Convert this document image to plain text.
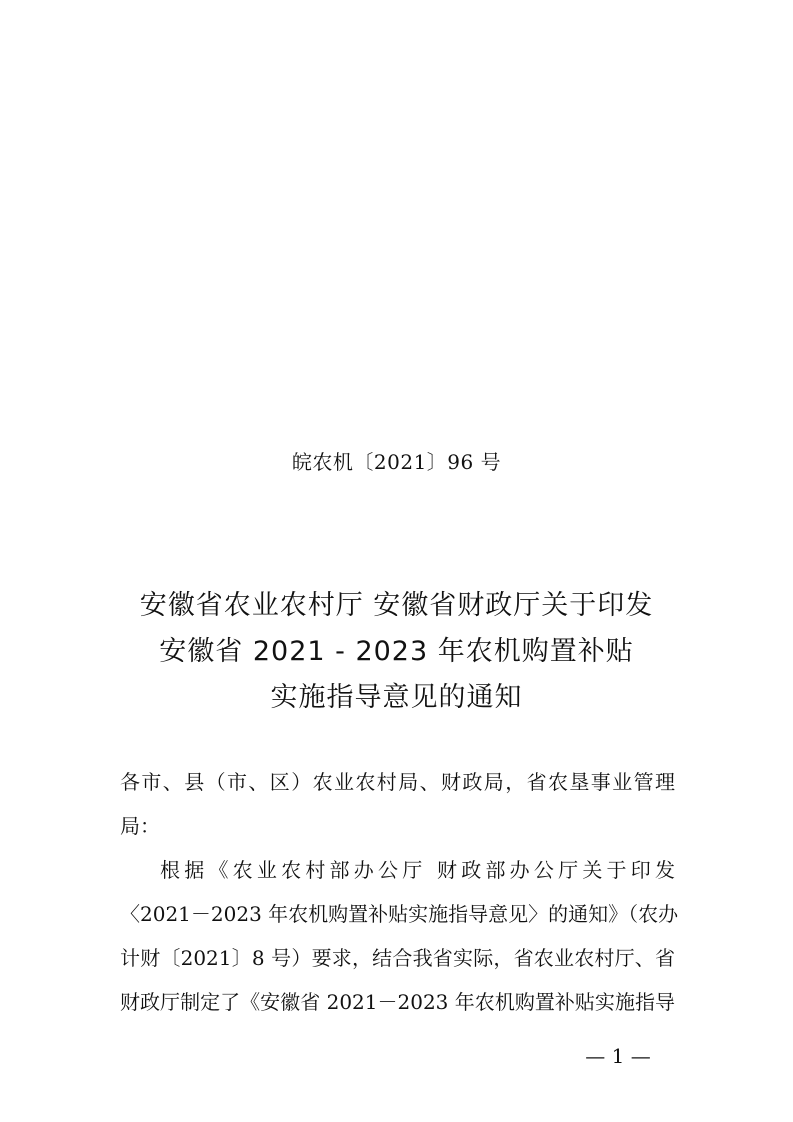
皖农机〔2021〕96 号
安徽省农业农村厅 安徽省财政厅关于印发
安徽省 2021 - 2023 年农机购置补贴
实施指导意见的通知
各市、县（市、区）农业农村局、财政局，省农垦事业管理
局：
根据《农业农村部办公厅 财政部办公厅关于印发
〈2021－2023 年农机购置补贴实施指导意见〉的通知》（农办
计财〔2021〕8 号）要求，结合我省实际，省农业农村厅、省
财政厅制定了《安徽省 2021－2023 年农机购置补贴实施指导
— 1 —
